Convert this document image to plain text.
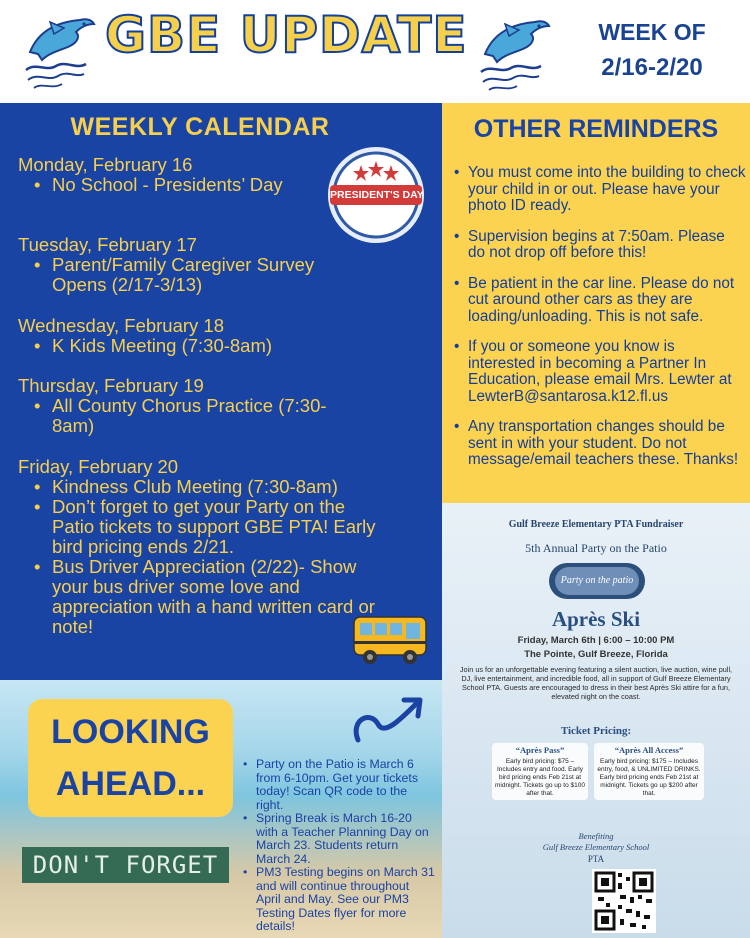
GBE UPDATE	WEEK OF
2/16-2/20
WEEKLY CALENDAR
Monday, February 16
• No School - Presidents’ Day
Tuesday, February 17
• Parent/Family Caregiver Survey Opens (2/17-3/13)
Wednesday, February 18
• K Kids Meeting (7:30-8am)
Thursday, February 19
• All County Chorus Practice (7:30-8am)
Friday, February 20
• Kindness Club Meeting (7:30-8am)
• Don’t forget to get your Party on the Patio tickets to support GBE PTA! Early bird pricing ends 2/21.
• Bus Driver Appreciation (2/22)- Show your bus driver some love and appreciation with a hand written card or note!
PRESIDENT'S DAY
OTHER REMINDERS
• You must come into the building to check your child in or out. Please have your photo ID ready.
• Supervision begins at 7:50am. Please do not drop off before this!
• Be patient in the car line. Please do not cut around other cars as they are loading/unloading. This is not safe.
• If you or someone you know is interested in becoming a Partner In Education, please email Mrs. Lewter at LewterB@santarosa.k12.fl.us
• Any transportation changes should be sent in with your student. Do not message/email teachers these. Thanks!
LOOKING
AHEAD...
DON'T FORGET
• Party on the Patio is March 6 from 6-10pm. Get your tickets today! Scan QR code to the right.
• Spring Break is March 16-20 with a Teacher Planning Day on March 23. Students return March 24.
• PM3 Testing begins on March 31 and will continue throughout April and May. See our PM3 Testing Dates flyer for more details!
Gulf Breeze Elementary PTA Fundraiser
5th Annual Party on the Patio
Party on the patio
Après Ski
Friday, March 6th | 6:00 – 10:00 PM
The Pointe, Gulf Breeze, Florida
Join us for an unforgettable evening featuring a silent auction, live auction, wine pull, DJ, live entertainment, and incredible food, all in support of Gulf Breeze Elementary School PTA. Guests are encouraged to dress in their best Après Ski attire for a fun, elevated night on the coast.
Ticket Pricing:
“Après Pass”
Early bird pricing: $75 – Includes entry and food. Early bird pricing ends Feb 21st at midnight. Tickets go up to $100 after that.
“Après All Access”
Early bird pricing: $175 – Includes entry, food, & UNLIMITED DRINKS. Early bird pricing ends Feb 21st at midnight. Tickets go up $200 after that.
Benefiting
Gulf Breeze Elementary School
PTA
